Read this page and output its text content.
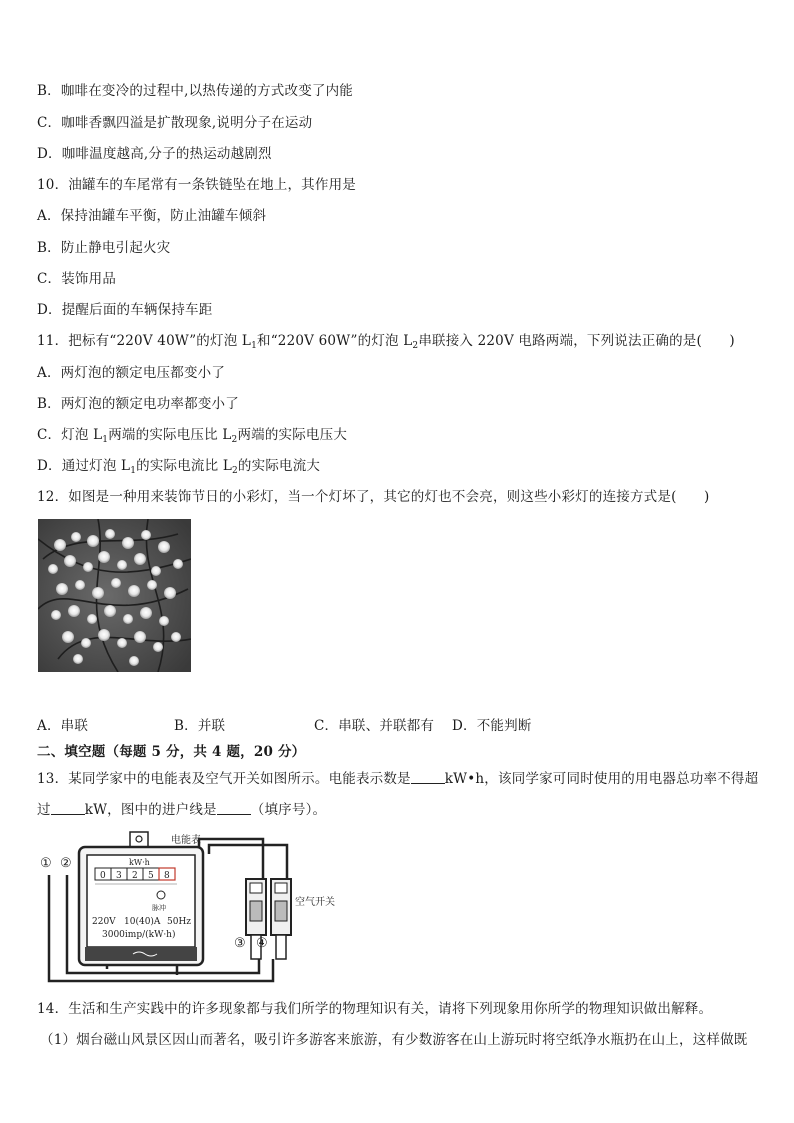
B．咖啡在变冷的过程中,以热传递的方式改变了内能
C．咖啡香飘四溢是扩散现象,说明分子在运动
D．咖啡温度越高,分子的热运动越剧烈
10．油罐车的车尾常有一条铁链坠在地上，其作用是
A．保持油罐车平衡，防止油罐车倾斜
B．防止静电引起火灾
C．装饰用品
D．提醒后面的车辆保持车距
11．把标有“220V 40W”的灯泡 $L_1$和“220V 60W”的灯泡 $L_2$串联接入 220V 电路两端，下列说法正确的是(　　)
A．两灯泡的额定电压都变小了
B．两灯泡的额定电功率都变小了
C．灯泡 $L_1$两端的实际电压比 $L_2$两端的实际电压大
D．通过灯泡 $L_1$的实际电流比 $L_2$的实际电流大
12．如图是一种用来装饰节日的小彩灯，当一个灯坏了，其它的灯也不会亮，则这些小彩灯的连接方式是(　　)
A．串联	B．并联	C．串联、并联都有 D．不能判断
二、填空题（每题 5 分，共 4 题，20 分）
13．某同学家中的电能表及空气开关如图所示。电能表示数是	kW•h，该同学家可同时使用的用电器总功率不得超
过	kW，图中的进户线是	（填序号）。
① ②
电能表
kW·h
0 3 2 5 8
脉冲
220V 10(40)A 50Hz
3000imp/(kW·h)
空气开关
③ ④
14．生活和生产实践中的许多现象都与我们所学的物理知识有关，请将下列现象用你所学的物理知识做出解释。
（1）烟台磁山风景区因山而著名，吸引许多游客来旅游，有少数游客在山上游玩时将空纸净水瓶扔在山上，这样做既
